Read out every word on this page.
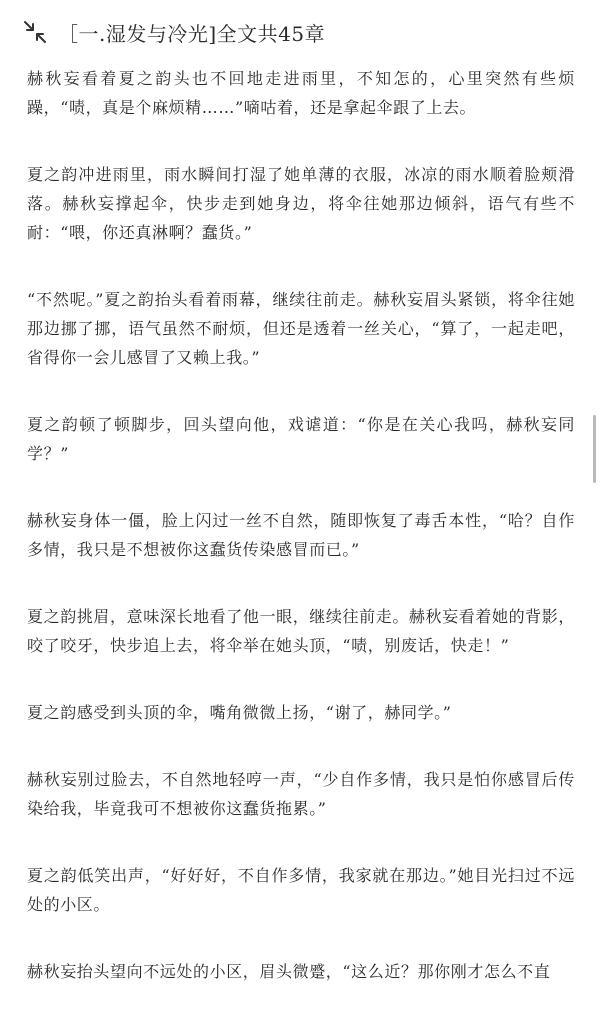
［一.湿发与冷光]全文共45章

赫秋妄看着夏之韵头也不回地走进雨里，不知怎的，心里突然有些烦躁，“啧，真是个麻烦精……”嘀咕着，还是拿起伞跟了上去。

夏之韵冲进雨里，雨水瞬间打湿了她单薄的衣服，冰凉的雨水顺着脸颊滑落。赫秋妄撑起伞，快步走到她身边，将伞往她那边倾斜，语气有些不耐：“喂，你还真淋啊？蠢货。”

“不然呢。”夏之韵抬头看着雨幕，继续往前走。赫秋妄眉头紧锁，将伞往她那边挪了挪，语气虽然不耐烦，但还是透着一丝关心，“算了，一起走吧，省得你一会儿感冒了又赖上我。”

夏之韵顿了顿脚步，回头望向他，戏谑道：“你是在关心我吗，赫秋妄同学？”

赫秋妄身体一僵，脸上闪过一丝不自然，随即恢复了毒舌本性，“哈？自作多情，我只是不想被你这蠢货传染感冒而已。”

夏之韵挑眉，意味深长地看了他一眼，继续往前走。赫秋妄看着她的背影，咬了咬牙，快步追上去，将伞举在她头顶，“啧，别废话，快走！”

夏之韵感受到头顶的伞，嘴角微微上扬，“谢了，赫同学。”

赫秋妄别过脸去，不自然地轻哼一声，“少自作多情，我只是怕你感冒后传染给我，毕竟我可不想被你这蠢货拖累。”

夏之韵低笑出声，“好好好，不自作多情，我家就在那边。”她目光扫过不远处的小区。

赫秋妄抬头望向不远处的小区，眉头微蹙，“这么近？那你刚才怎么不直
